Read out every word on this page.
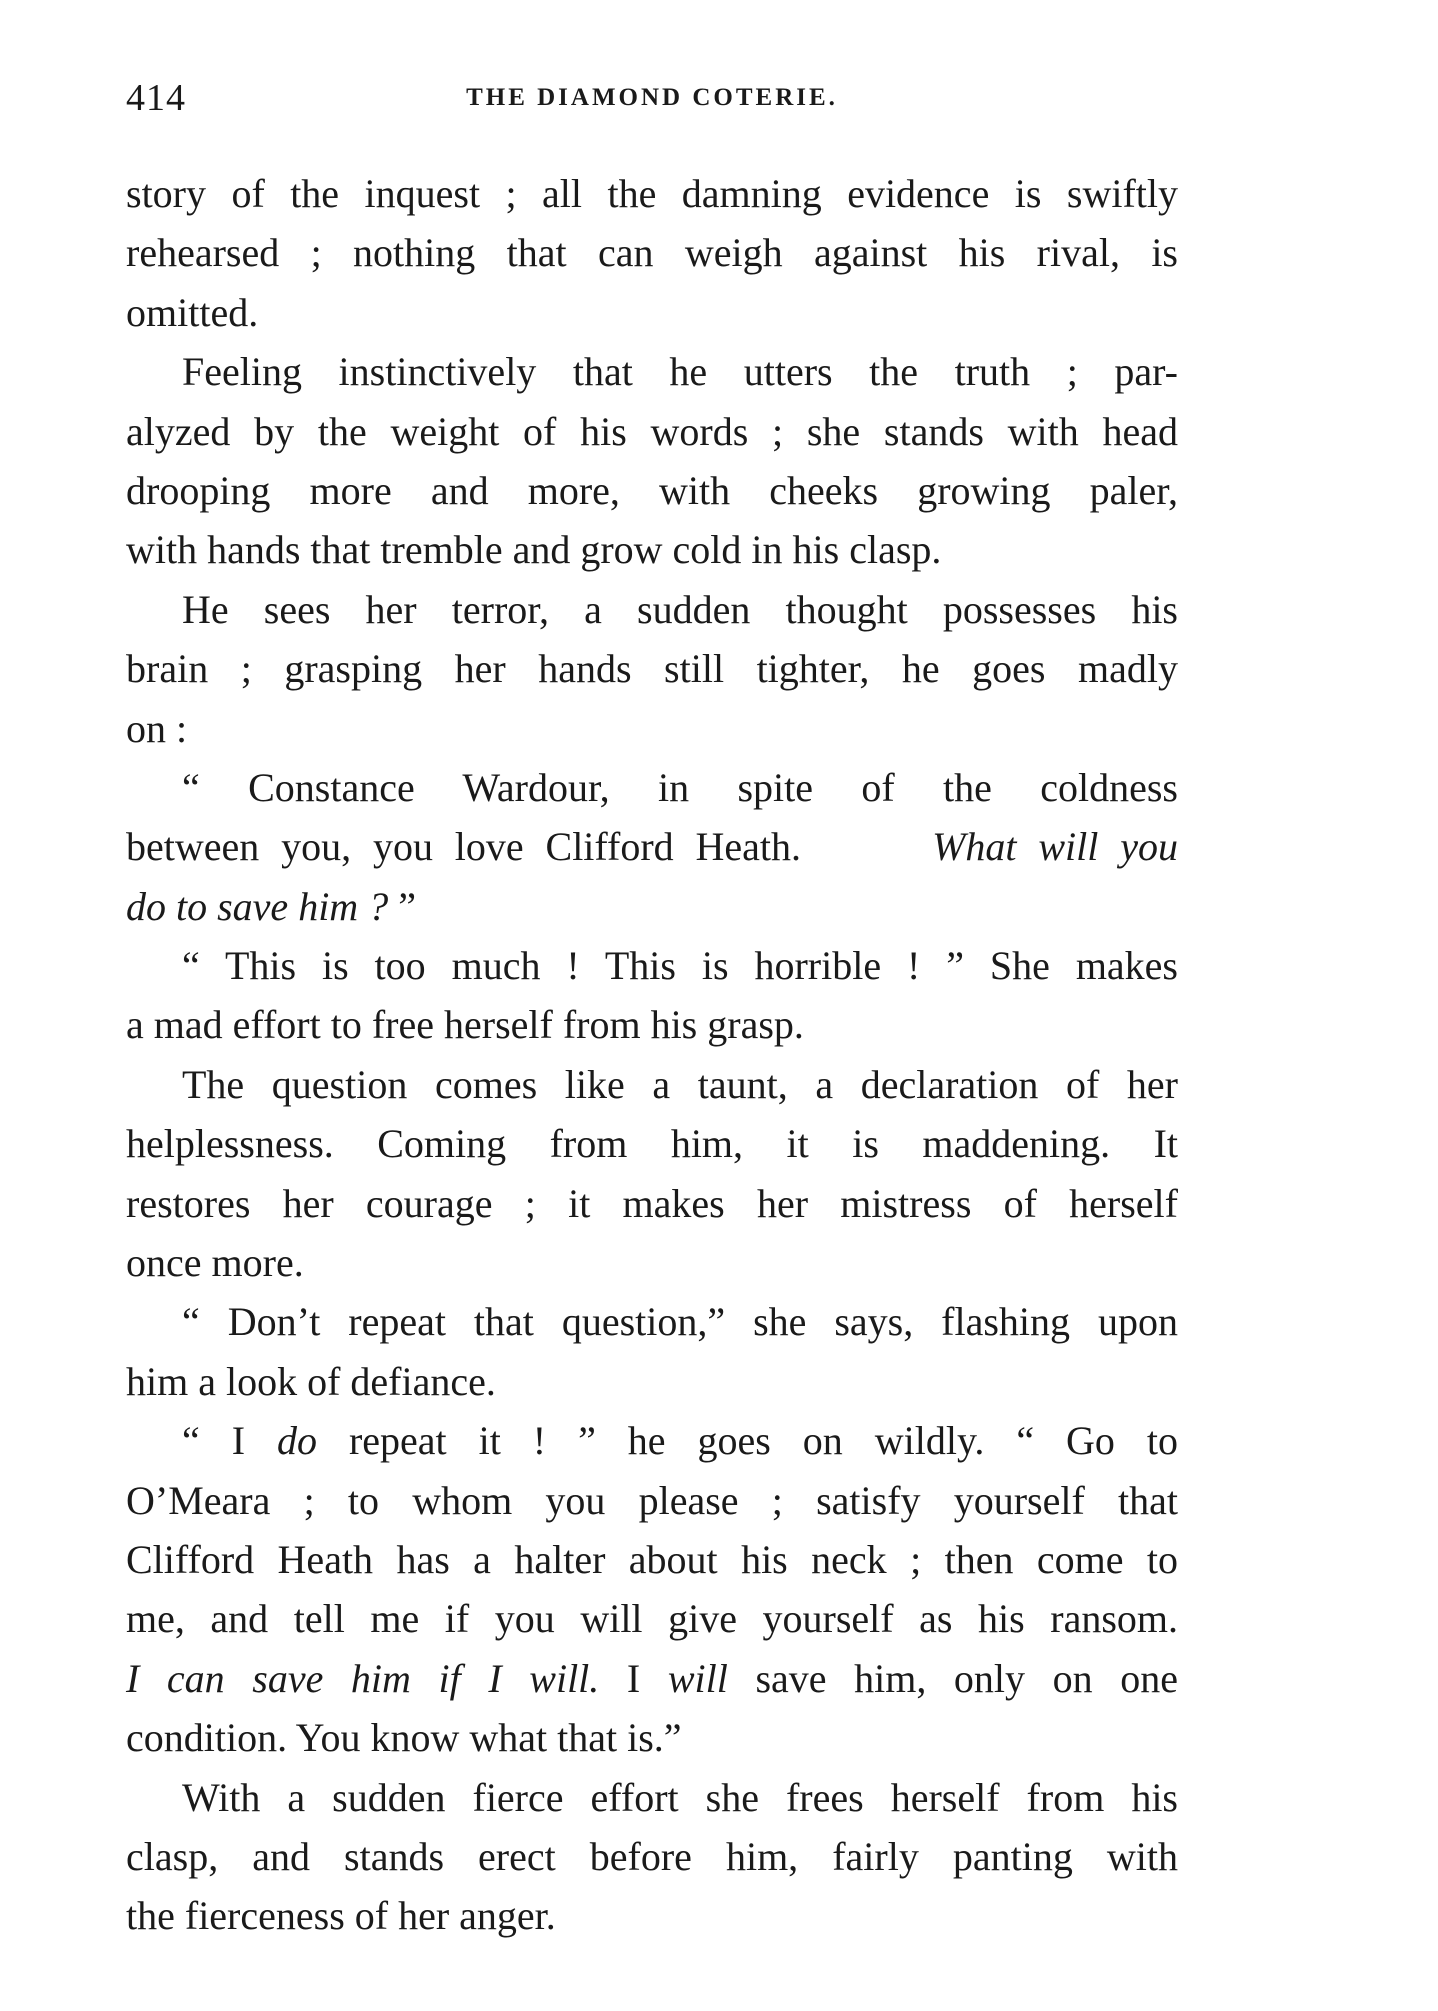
414	THE DIAMOND COTERIE.
story of the inquest ; all the damning evidence is swiftly
rehearsed ; nothing that can weigh against his rival, is
omitted.
Feeling instinctively that he utters the truth ; par-
alyzed by the weight of his words ; she stands with head
drooping more and more, with cheeks growing paler,
with hands that tremble and grow cold in his clasp.
He sees her terror, a sudden thought possesses his
brain ; grasping her hands still tighter, he goes madly
on :
“ Constance Wardour, in spite of the coldness
between you, you love Clifford Heath.	What will you
do to save him ? ”
“ This is too much ! This is horrible ! ” She makes
a mad effort to free herself from his grasp.
The question comes like a taunt, a declaration of her
helplessness. Coming from him, it is maddening. It
restores her courage ; it makes her mistress of herself
once more.
“ Don’t repeat that question,” she says, flashing upon
him a look of defiance.
“ I do repeat it ! ” he goes on wildly. “ Go to
O’Meara ; to whom you please ; satisfy yourself that
Clifford Heath has a halter about his neck ; then come to
me, and tell me if you will give yourself as his ransom.
I can save him if I will. I will save him, only on one
condition. You know what that is.”
With a sudden fierce effort she frees herself from his
clasp, and stands erect before him, fairly panting with
the fierceness of her anger.
